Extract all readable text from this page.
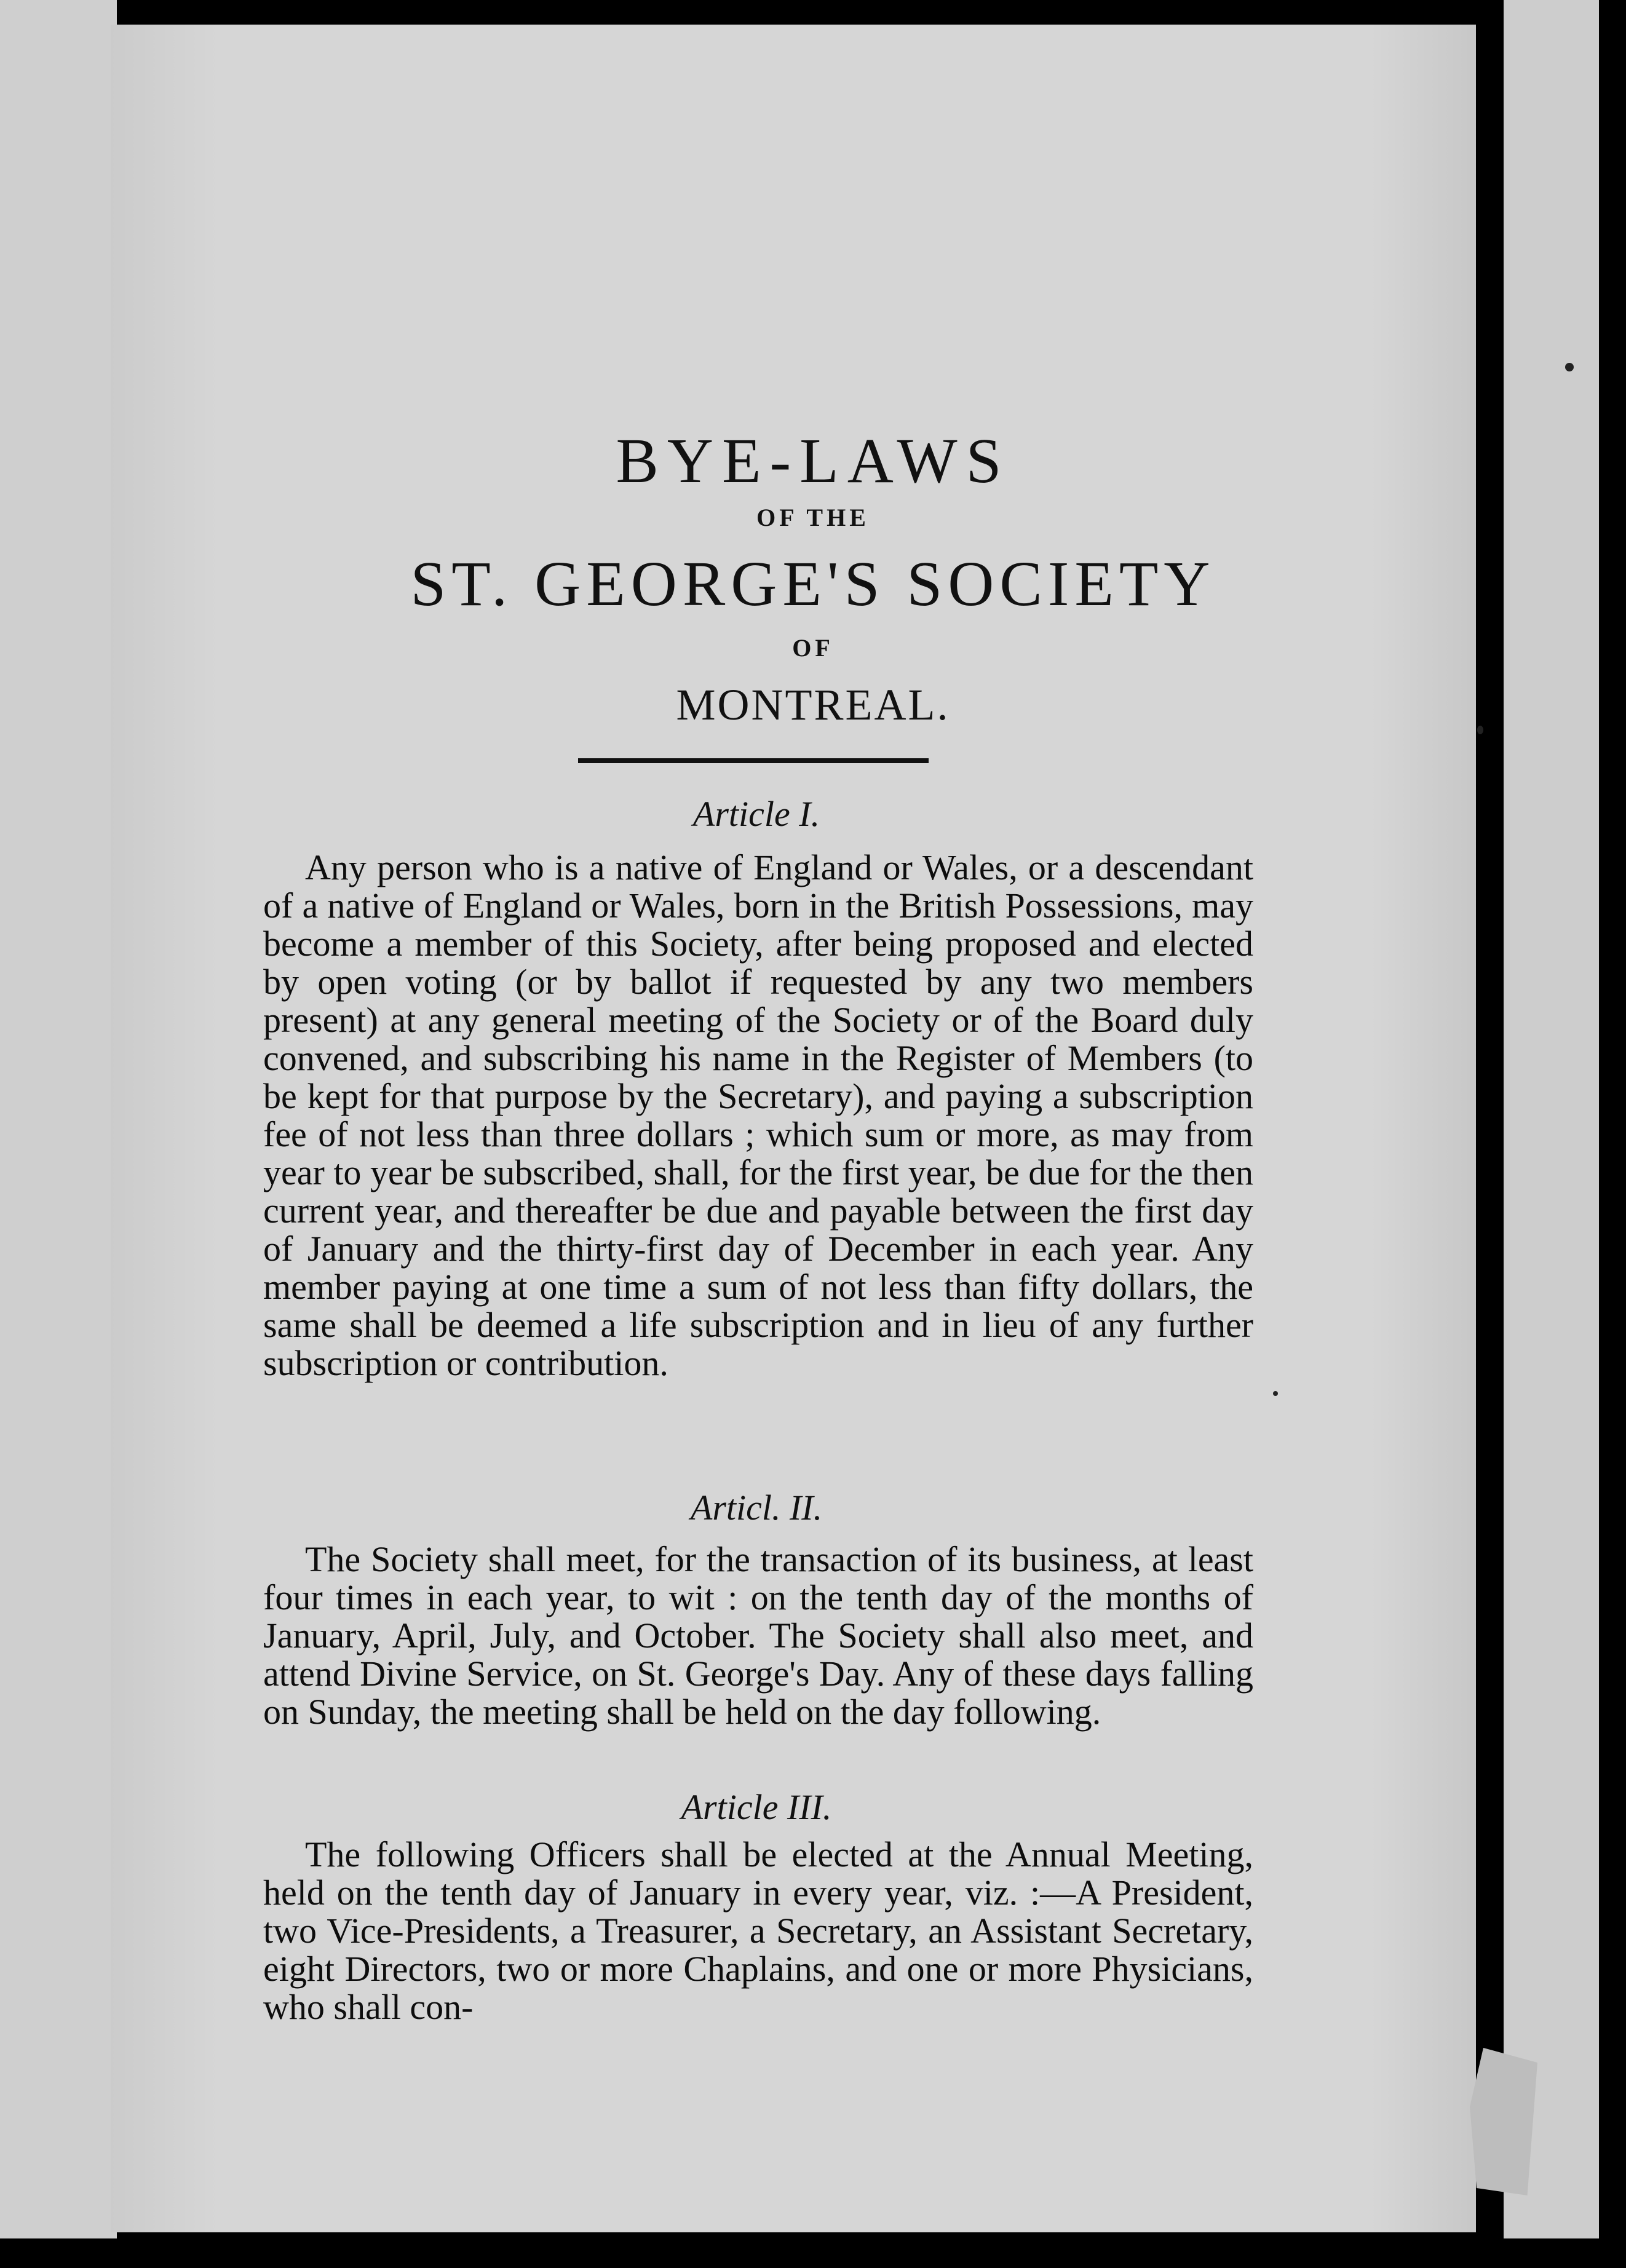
BYE-LAWS
OF THE
ST. GEORGE'S SOCIETY
OF
MONTREAL.
Article I.

Any person who is a native of England or Wales, or a descendant of a native of England or Wales, born in the British Possessions, may become a member of this Society, after being proposed and elected by open voting (or by ballot if requested by any two members present) at any general meeting of the Society or of the Board duly convened, and subscribing his name in the Register of Members (to be kept for that purpose by the Secretary), and paying a subscription fee of not less than three dollars ; which sum or more, as may from year to year be subscribed, shall, for the first year, be due for the then current year, and thereafter be due and payable between the first day of January and the thirty-first day of December in each year. Any member paying at one time a sum of not less than fifty dollars, the same shall be deemed a life subscription and in lieu of any further subscription or contribution.

Articl. II.

The Society shall meet, for the transaction of its business, at least four times in each year, to wit : on the tenth day of the months of January, April, July, and October. The Society shall also meet, and attend Divine Service, on St. George's Day. Any of these days falling on Sunday, the meeting shall be held on the day following.

Article III.

The following Officers shall be elected at the Annual Meeting, held on the tenth day of January in every year, viz. :—A President, two Vice-Presidents, a Treasurer, a Secretary, an Assistant Secretary, eight Directors, two or more Chaplains, and one or more Physicians, who shall con-
